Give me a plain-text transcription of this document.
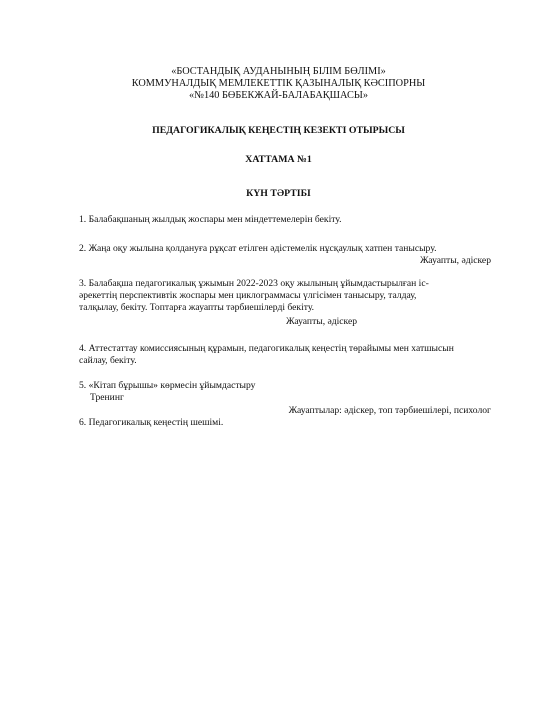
«БОСТАНДЫҚ АУДАНЫНЫҢ БІЛІМ БӨЛІМІ»
КОММУНАЛДЫҚ МЕМЛЕКЕТТІК ҚАЗЫНАЛЫҚ КӘСІПОРНЫ
«№140 БӨБЕКЖАЙ-БАЛАБАҚШАСЫ»
ПЕДАГОГИКАЛЫҚ КЕҢЕСТІҢ КЕЗЕКТІ ОТЫРЫСЫ
ХАТТАМА №1
КҮН ТӘРТІБІ
1. Балабақшаның жылдық жоспары мен міндеттемелерін бекіту.
2. Жаңа оқу жылына қолдануға рұқсат етілген әдістемелік нұсқаулық хатпен танысыру.
Жауапты, әдіскер
3. Балабақша педагогикалық ұжымын 2022-2023 оқу жылының ұйымдастырылған іс-
әрекеттің перспективтік жоспары мен циклограммасы үлгісімен танысыру, талдау,
талқылау, бекіту. Топтарға жауапты тәрбиешілерді бекіту.
Жауапты, әдіскер
4. Аттестаттау комиссиясының құрамын, педагогикалық кеңестің төрайымы мен хатшысын
сайлау, бекіту.
5. «Кітап бұрышы» көрмесін ұйымдастыру
Тренинг
Жауаптылар: әдіскер, топ тәрбиешілері, психолог
6. Педагогикалық кеңестің шешімі.
